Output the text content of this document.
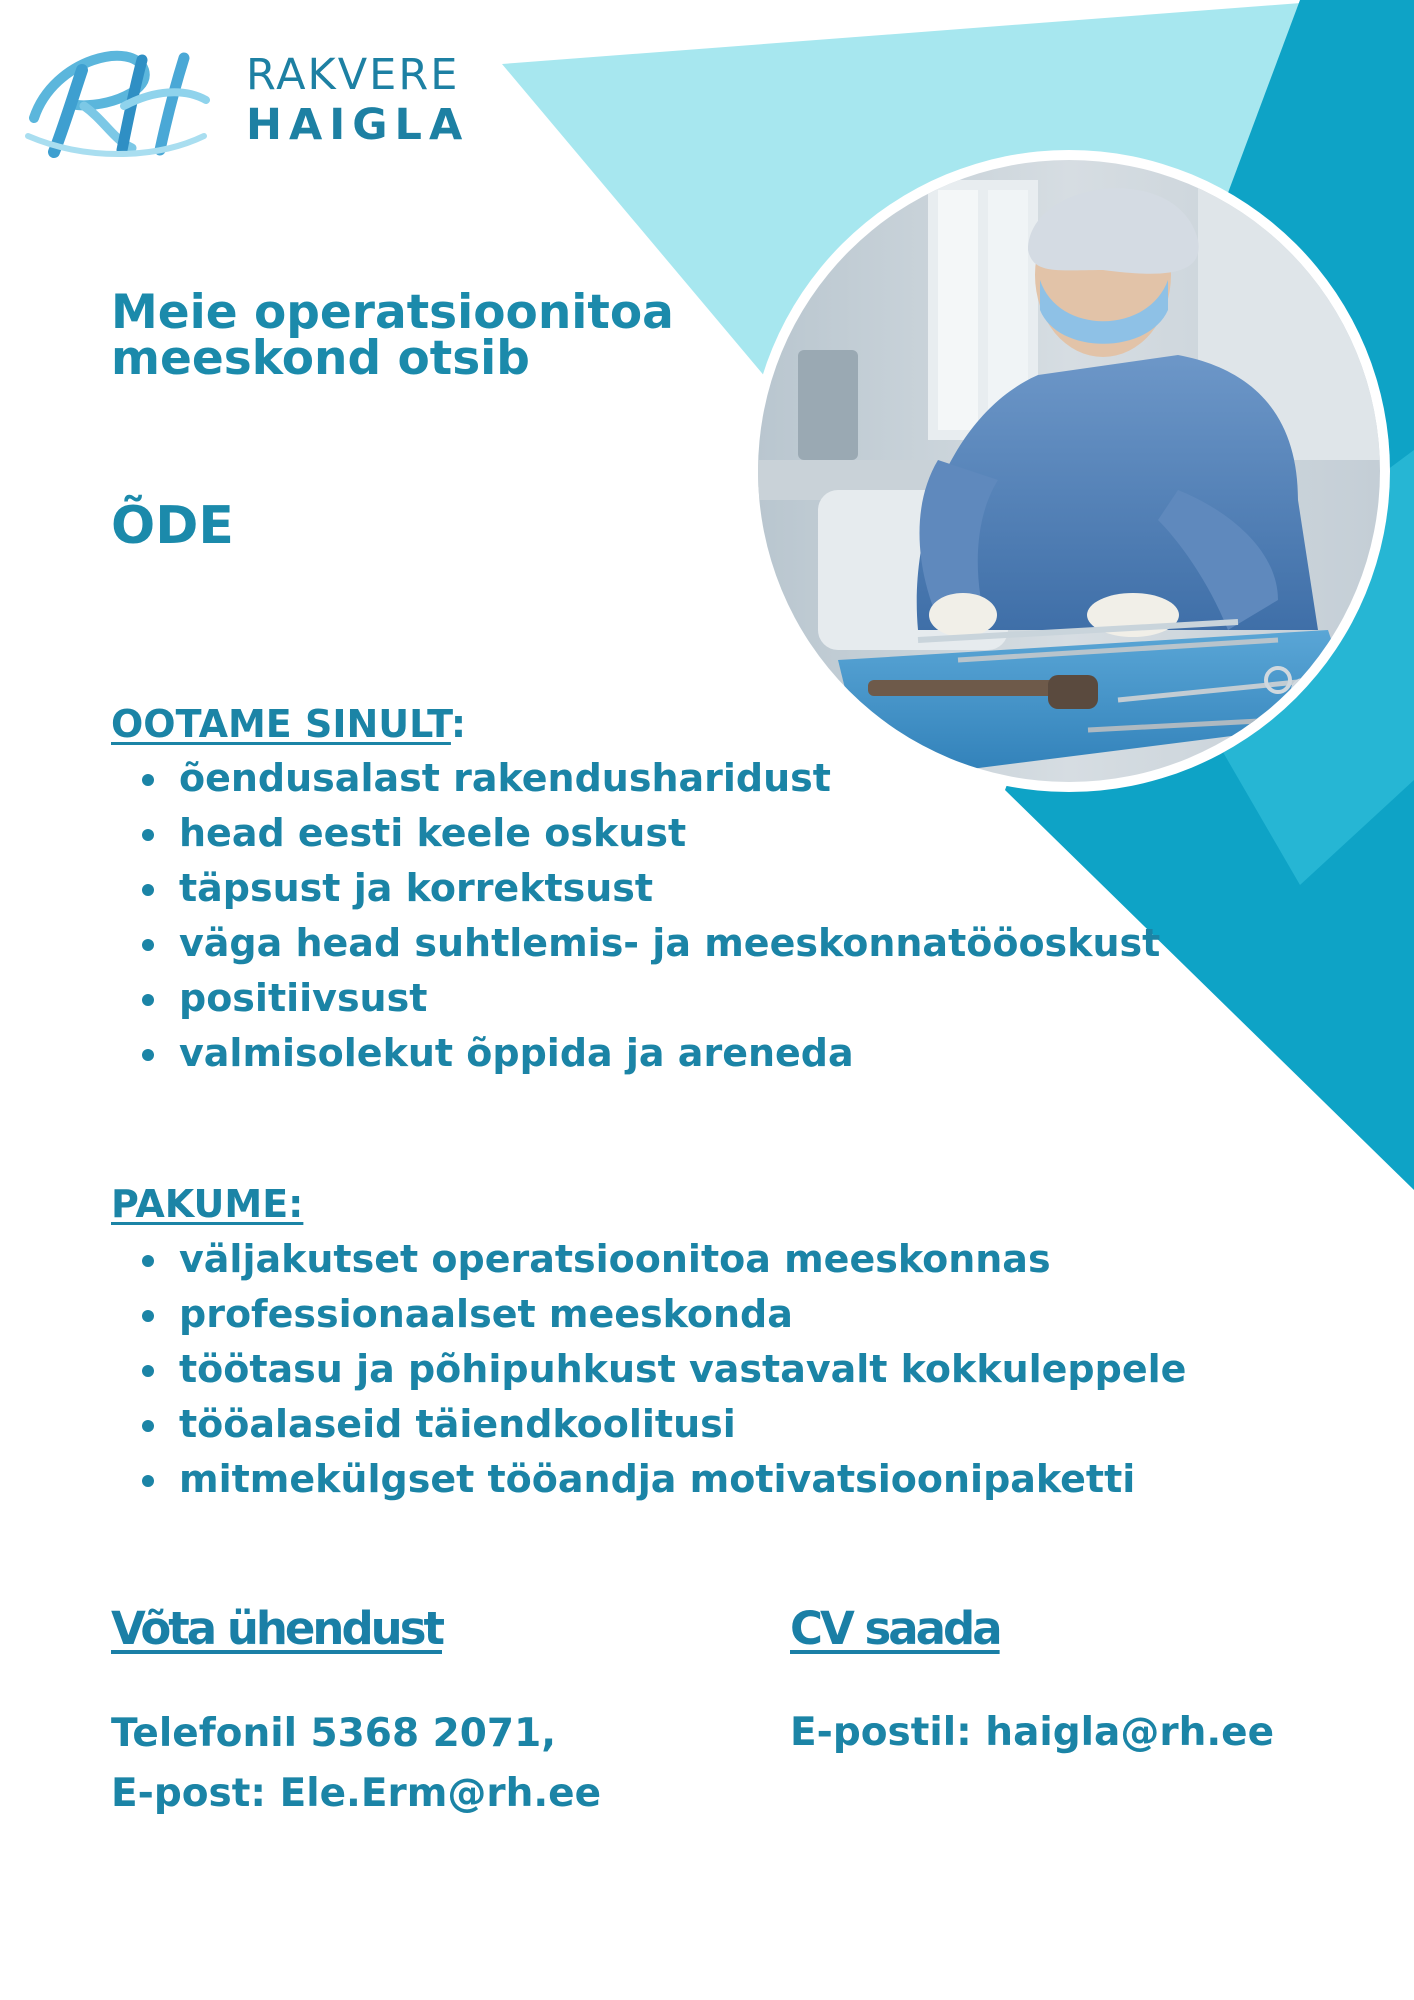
RAKVERE
HAIGLA
Meie operatsioonitoa
meeskond otsib
ÕDE
OOTAME SINULT:
õendusalast rakendusharidust
head eesti keele oskust
täpsust ja korrektsust
väga head suhtlemis- ja meeskonnatööoskust
positiivsust
valmisolekut õppida ja areneda
PAKUME:
väljakutset operatsioonitoa meeskonnas
professionaalset meeskonda
töötasu ja põhipuhkust vastavalt kokkuleppele
tööalaseid täiendkoolitusi
mitmekülgset tööandja motivatsioonipaketti
Võta ühendust
Telefonil 5368 2071,
E-post: Ele.Erm@rh.ee
CV saada
E-postil: haigla@rh.ee
